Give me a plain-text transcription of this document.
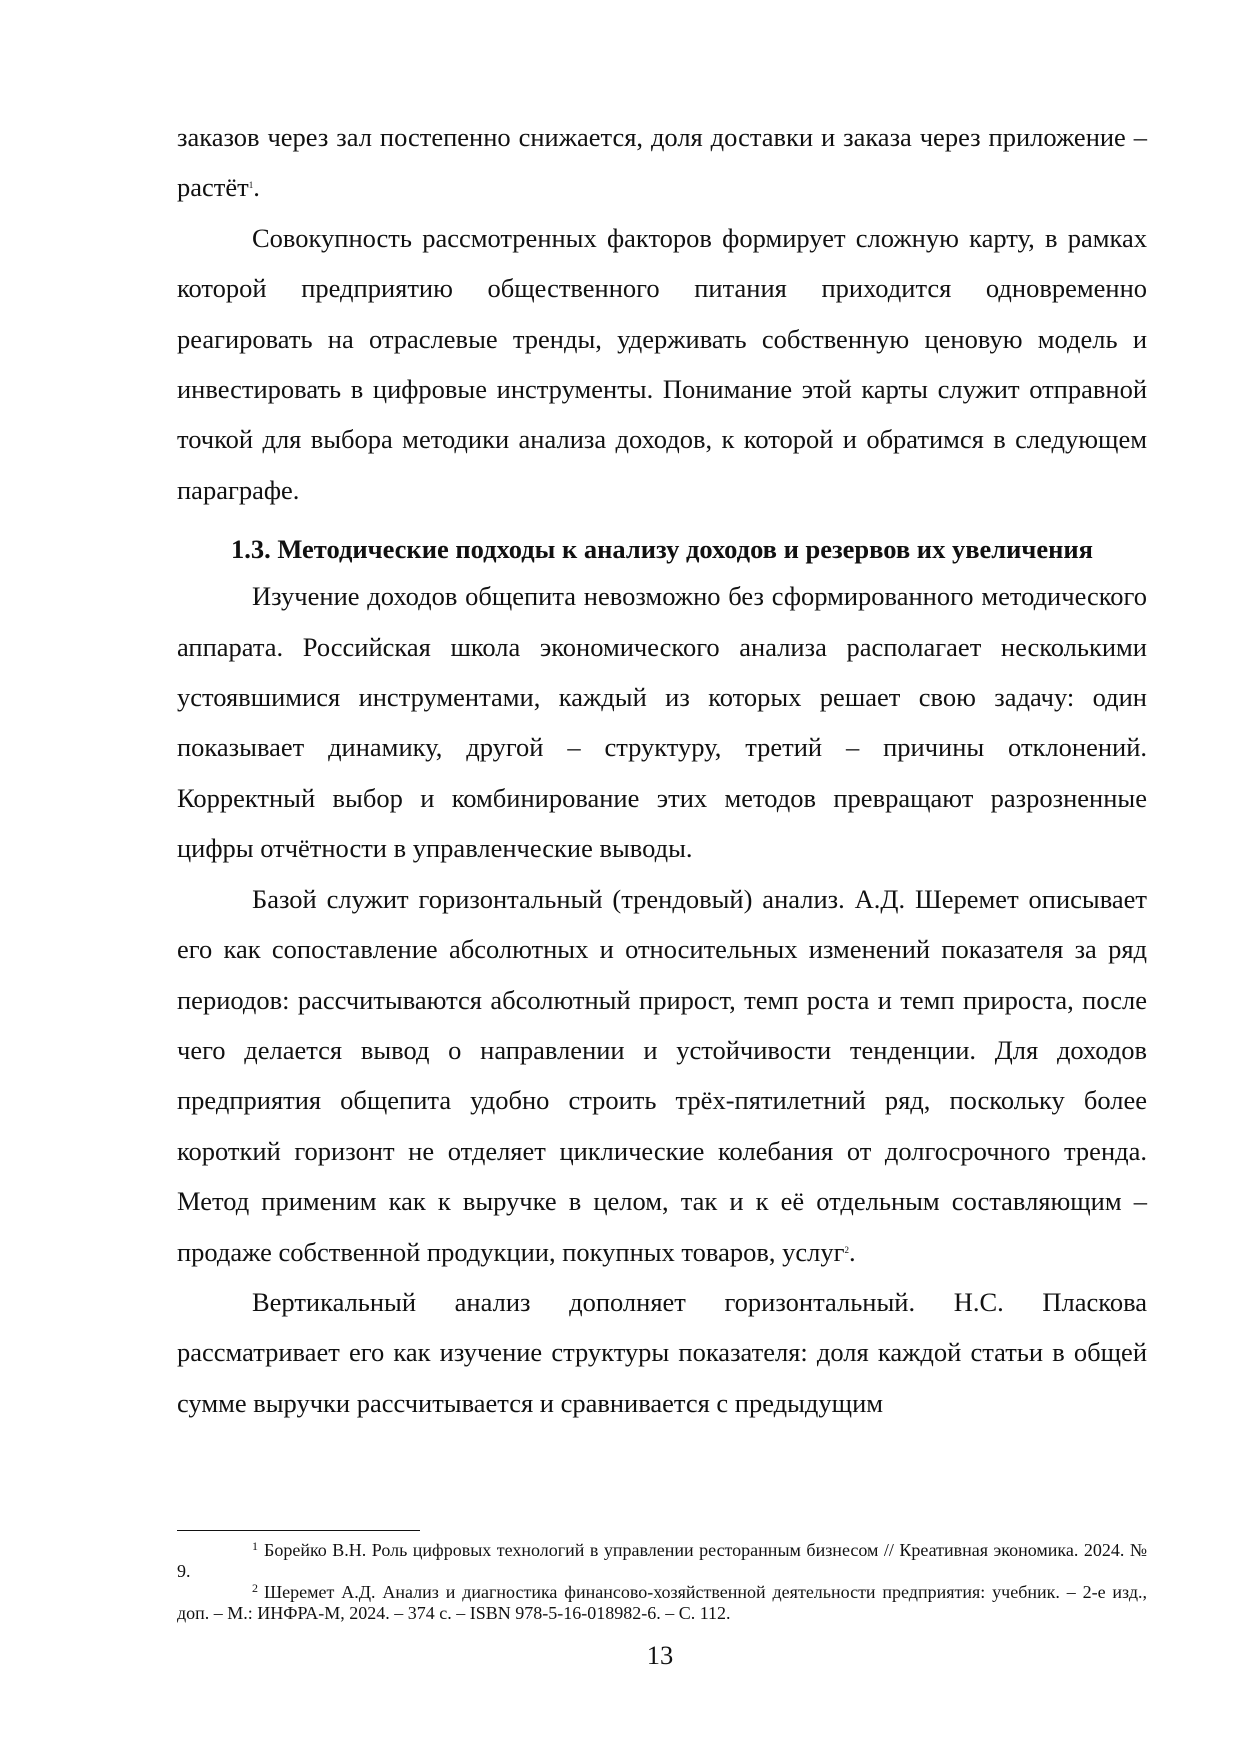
заказов через зал постепенно снижается, доля доставки и заказа через приложение – растёт$^1$.

Совокупность рассмотренных факторов формирует сложную карту, в рамках которой предприятию общественного питания приходится одновременно реагировать на отраслевые тренды, удерживать собственную ценовую модель и инвестировать в цифровые инструменты. Понимание этой карты служит отправной точкой для выбора методики анализа доходов, к которой и обратимся в следующем параграфе.

1.3. Методические подходы к анализу доходов и резервов их увеличения

Изучение доходов общепита невозможно без сформированного методического аппарата. Российская школа экономического анализа располагает несколькими устоявшимися инструментами, каждый из которых решает свою задачу: один показывает динамику, другой – структуру, третий – причины отклонений. Корректный выбор и комбинирование этих методов превращают разрозненные цифры отчётности в управленческие выводы.

Базой служит горизонтальный (трендовый) анализ. А.Д. Шеремет описывает его как сопоставление абсолютных и относительных изменений показателя за ряд периодов: рассчитываются абсолютный прирост, темп роста и темп прироста, после чего делается вывод о направлении и устойчивости тенденции. Для доходов предприятия общепита удобно строить трёх-пятилетний ряд, поскольку более короткий горизонт не отделяет циклические колебания от долгосрочного тренда. Метод применим как к выручке в целом, так и к её отдельным составляющим – продаже собственной продукции, покупных товаров, услуг$^2$.

Вертикальный анализ дополняет горизонтальный. Н.С. Пласкова рассматривает его как изучение структуры показателя: доля каждой статьи в общей сумме выручки рассчитывается и сравнивается с предыдущим

$^1$ Борейко В.Н. Роль цифровых технологий в управлении ресторанным бизнесом // Креативная экономика. 2024. № 9.

$^2$ Шеремет А.Д. Анализ и диагностика финансово-хозяйственной деятельности предприятия: учебник. – 2-е изд., доп. – М.: ИНФРА-М, 2024. – 374 с. – ISBN 978-5-16-018982-6. – С. 112.

13
